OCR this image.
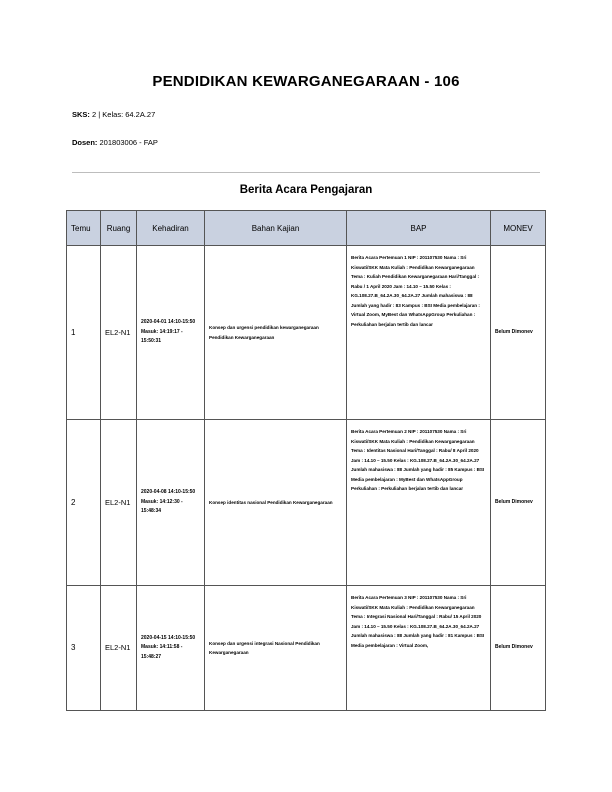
PENDIDIKAN KEWARGANEGARAAN - 106
SKS: 2 | Kelas: 64.2A.27
Dosen: 201803006 - FAP
Berita Acara Pengajaran
Temu	Ruang	Kehadiran	Bahan Kajian	BAP	MONEV
1	EL2-N1	2020-04-01 14:10-15:50 Masuk: 14:19:17 - 15:50:31	Konsep dan urgensi pendidikan kewarganegaraan Pendidikan Kewarganegaraan	Berita Acara Pertemuan 1 NIP : 201107530 Nama : Sri Kiswati/SKK Mata Kuliah : Pendidikan Kewarganegaraan Tema : Kuliah Pendidikan Kewarganegaraan Hari/Tanggal : Rabu / 1 April 2020 Jam : 14.10 – 15.50 Kelas : KG.108.27.B_64.2A.30_64.2A.27 Jumlah mahasiswa : 88 Jumlah yang hadir : 83 Kampus : BSI Media pembelajaran : Virtual Zoom, MyBest dan WhatsAppGroup Perkuliahan : Perkuliahan berjalan tertib dan lancar	Belum Dimonev
2	EL2-N1	2020-04-08 14:10-15:50 Masuk: 14:12:30 - 15:48:34	Konsep identitas nasional Pendidikan Kewarganegaraan	Berita Acara Pertemuan 2 NIP : 201107530 Nama : Sri Kiswati/SKK Mata Kuliah : Pendidikan Kewarganegaraan Tema : Identitas Nasional Hari/Tanggal : Rabu/ 8 April 2020 Jam : 14.10 – 15.50 Kelas : KG.108.27.B_64.2A.30_64.2A.27 Jumlah mahasiswa : 88 Jumlah yang hadir : 85 Kampus : BSI Media pembelajaran : MyBest dan WhatsAppGroup Perkuliahan : Perkuliahan berjalan tertib dan lancar	Belum Dimonev
3	EL2-N1	2020-04-15 14:10-15:50 Masuk: 14:11:58 - 15:48:27	Konsep dan urgensi integrasi Nasional Pendidikan Kewarganegaraan	Berita Acara Pertemuan 3 NIP : 201107530 Nama : Sri Kiswati/SKK Mata Kuliah : Pendidikan Kewarganegaraan Tema : Integrasi Nasional Hari/Tanggal : Rabu/ 15 April 2020 Jam : 14.10 – 15.50 Kelas : KG.108.27.B_64.2A.30_64.2A.27 Jumlah mahasiswa : 88 Jumlah yang hadir : 81 Kampus : BSI Media pembelajaran : Virtual Zoom,	Belum Dimonev
